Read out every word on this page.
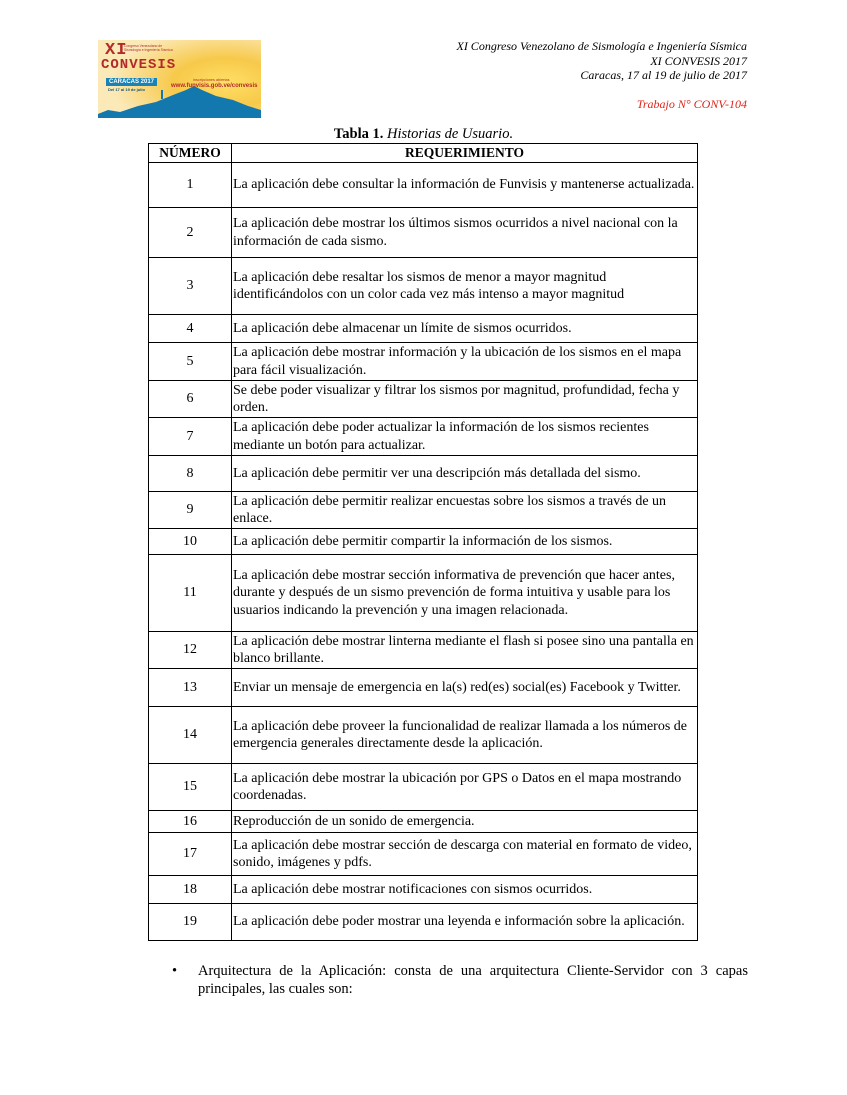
XI
Congreso Venezolano de Sismología e Ingeniería Sísmica
CONVESIS
CARACAS 2017
Del 17 al 19 de julio
inscripciones abiertas
www.funvisis.gob.ve/convesis
XI Congreso Venezolano de Sismología e Ingeniería Sísmica
XI CONVESIS 2017
Caracas, 17 al 19 de julio de 2017
Trabajo N° CONV-104
Tabla 1. Historias de Usuario.
NÚMERO	REQUERIMIENTO
1	La aplicación debe consultar la información de Funvisis y mantenerse actualizada.
2	La aplicación debe mostrar los últimos sismos ocurridos a nivel nacional con la información de cada sismo.
3	La aplicación debe resaltar los sismos de menor a mayor magnitud identificándolos con un color cada vez más intenso a mayor magnitud
4	La aplicación debe almacenar un límite de sismos ocurridos.
5	La aplicación debe mostrar información y la ubicación de los sismos en el mapa para fácil visualización.
6	Se debe poder visualizar y filtrar los sismos por magnitud, profundidad, fecha y orden.
7	La aplicación debe poder actualizar la información de los sismos recientes mediante un botón para actualizar.
8	La aplicación debe permitir ver una descripción más detallada del sismo.
9	La aplicación debe permitir realizar encuestas sobre los sismos a través de un enlace.
10	La aplicación debe permitir compartir la información de los sismos.
11	La aplicación debe mostrar sección informativa de prevención que hacer antes, durante y después de un sismo prevención de forma intuitiva y usable para los usuarios indicando la prevención y una imagen relacionada.
12	La aplicación debe mostrar linterna mediante el flash si posee sino una pantalla en blanco brillante.
13	Enviar un mensaje de emergencia en la(s) red(es) social(es) Facebook y Twitter.
14	La aplicación debe proveer la funcionalidad de realizar llamada a los números de emergencia generales directamente desde la aplicación.
15	La aplicación debe mostrar la ubicación por GPS o Datos en el mapa mostrando coordenadas.
16	Reproducción de un sonido de emergencia.
17	La aplicación debe mostrar sección de descarga con material en formato de video, sonido, imágenes y pdfs.
18	La aplicación debe mostrar notificaciones con sismos ocurridos.
19	La aplicación debe poder mostrar una leyenda e información sobre la aplicación.
• Arquitectura de la Aplicación: consta de una arquitectura Cliente-Servidor con 3 capas principales, las cuales son:
